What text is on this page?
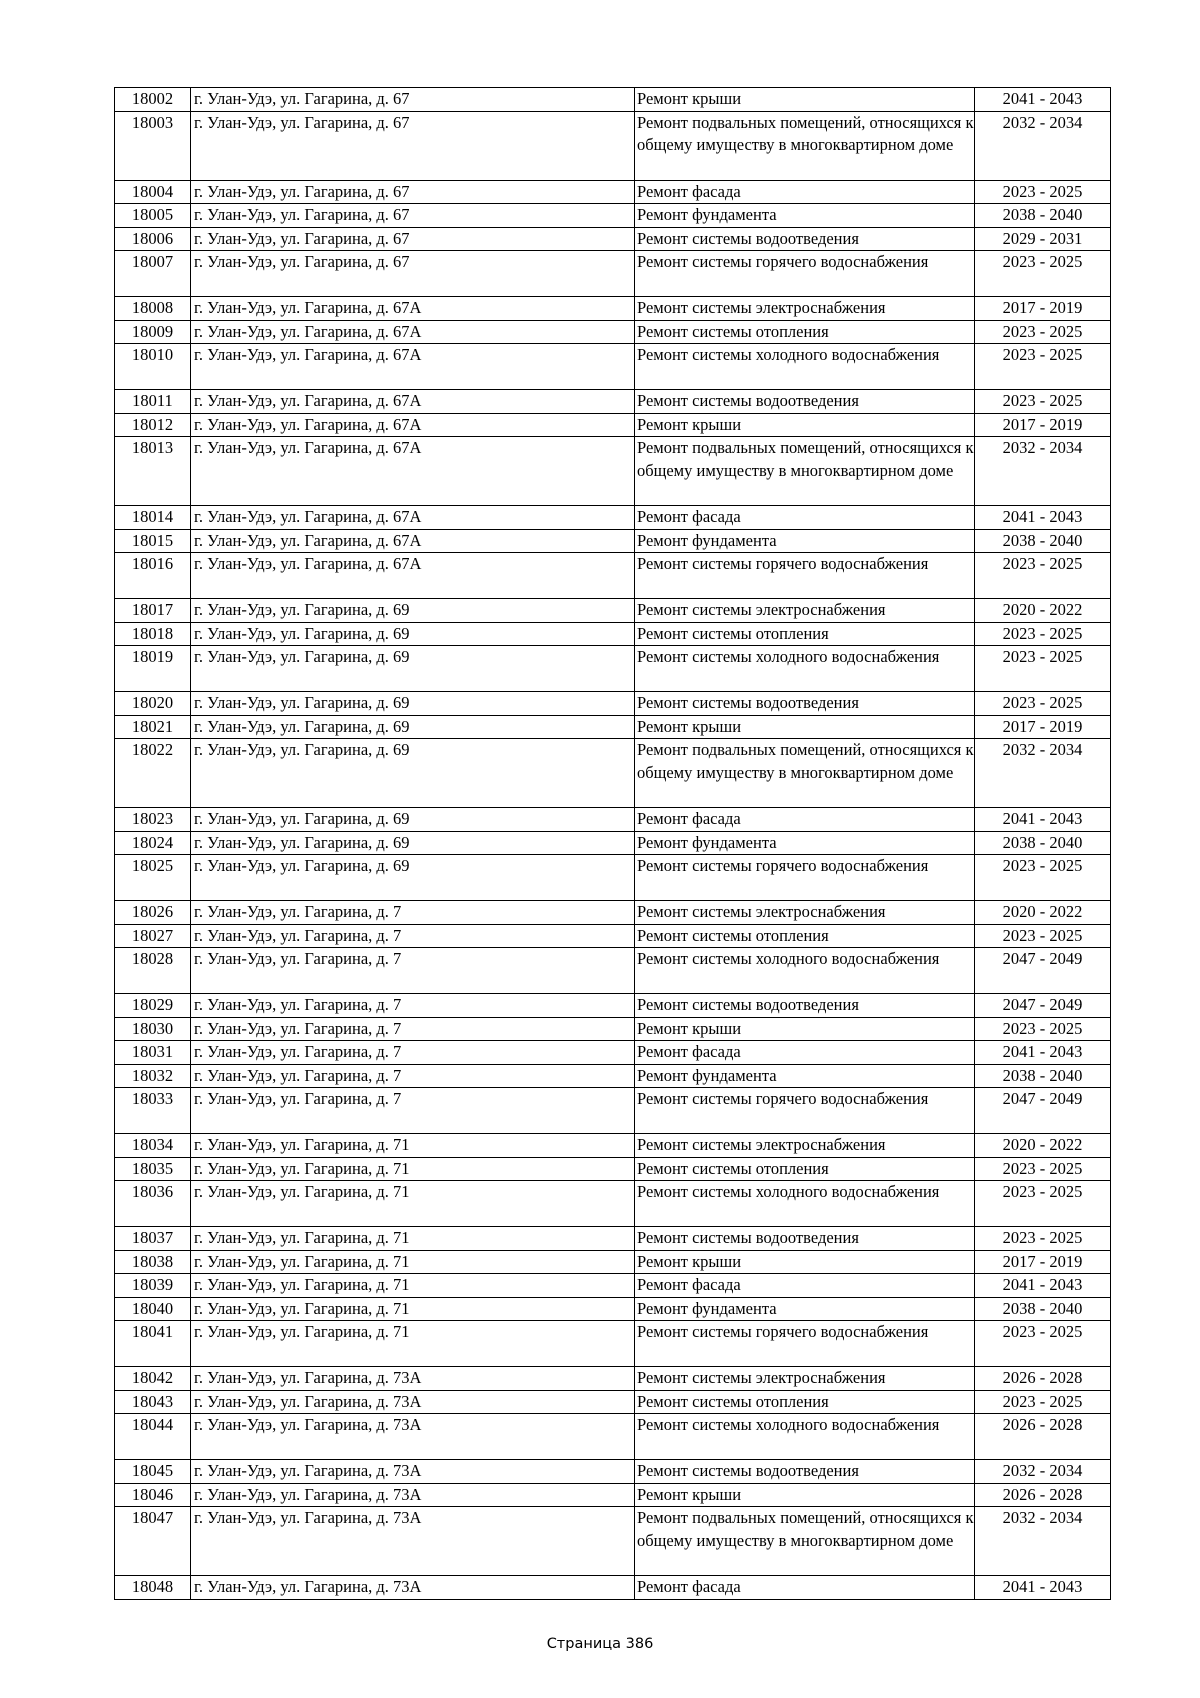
18002	г. Улан-Удэ, ул. Гагарина, д. 67	Ремонт крыши	2041 - 2043
18003	г. Улан-Удэ, ул. Гагарина, д. 67	Ремонт подвальных помещений, относящихся к общему имуществу в многоквартирном доме	2032 - 2034
18004	г. Улан-Удэ, ул. Гагарина, д. 67	Ремонт фасада	2023 - 2025
18005	г. Улан-Удэ, ул. Гагарина, д. 67	Ремонт фундамента	2038 - 2040
18006	г. Улан-Удэ, ул. Гагарина, д. 67	Ремонт системы водоотведения	2029 - 2031
18007	г. Улан-Удэ, ул. Гагарина, д. 67	Ремонт системы горячего водоснабжения	2023 - 2025
18008	г. Улан-Удэ, ул. Гагарина, д. 67А	Ремонт системы электроснабжения	2017 - 2019
18009	г. Улан-Удэ, ул. Гагарина, д. 67А	Ремонт системы отопления	2023 - 2025
18010	г. Улан-Удэ, ул. Гагарина, д. 67А	Ремонт системы холодного водоснабжения	2023 - 2025
18011	г. Улан-Удэ, ул. Гагарина, д. 67А	Ремонт системы водоотведения	2023 - 2025
18012	г. Улан-Удэ, ул. Гагарина, д. 67А	Ремонт крыши	2017 - 2019
18013	г. Улан-Удэ, ул. Гагарина, д. 67А	Ремонт подвальных помещений, относящихся к общему имуществу в многоквартирном доме	2032 - 2034
18014	г. Улан-Удэ, ул. Гагарина, д. 67А	Ремонт фасада	2041 - 2043
18015	г. Улан-Удэ, ул. Гагарина, д. 67А	Ремонт фундамента	2038 - 2040
18016	г. Улан-Удэ, ул. Гагарина, д. 67А	Ремонт системы горячего водоснабжения	2023 - 2025
18017	г. Улан-Удэ, ул. Гагарина, д. 69	Ремонт системы электроснабжения	2020 - 2022
18018	г. Улан-Удэ, ул. Гагарина, д. 69	Ремонт системы отопления	2023 - 2025
18019	г. Улан-Удэ, ул. Гагарина, д. 69	Ремонт системы холодного водоснабжения	2023 - 2025
18020	г. Улан-Удэ, ул. Гагарина, д. 69	Ремонт системы водоотведения	2023 - 2025
18021	г. Улан-Удэ, ул. Гагарина, д. 69	Ремонт крыши	2017 - 2019
18022	г. Улан-Удэ, ул. Гагарина, д. 69	Ремонт подвальных помещений, относящихся к общему имуществу в многоквартирном доме	2032 - 2034
18023	г. Улан-Удэ, ул. Гагарина, д. 69	Ремонт фасада	2041 - 2043
18024	г. Улан-Удэ, ул. Гагарина, д. 69	Ремонт фундамента	2038 - 2040
18025	г. Улан-Удэ, ул. Гагарина, д. 69	Ремонт системы горячего водоснабжения	2023 - 2025
18026	г. Улан-Удэ, ул. Гагарина, д. 7	Ремонт системы электроснабжения	2020 - 2022
18027	г. Улан-Удэ, ул. Гагарина, д. 7	Ремонт системы отопления	2023 - 2025
18028	г. Улан-Удэ, ул. Гагарина, д. 7	Ремонт системы холодного водоснабжения	2047 - 2049
18029	г. Улан-Удэ, ул. Гагарина, д. 7	Ремонт системы водоотведения	2047 - 2049
18030	г. Улан-Удэ, ул. Гагарина, д. 7	Ремонт крыши	2023 - 2025
18031	г. Улан-Удэ, ул. Гагарина, д. 7	Ремонт фасада	2041 - 2043
18032	г. Улан-Удэ, ул. Гагарина, д. 7	Ремонт фундамента	2038 - 2040
18033	г. Улан-Удэ, ул. Гагарина, д. 7	Ремонт системы горячего водоснабжения	2047 - 2049
18034	г. Улан-Удэ, ул. Гагарина, д. 71	Ремонт системы электроснабжения	2020 - 2022
18035	г. Улан-Удэ, ул. Гагарина, д. 71	Ремонт системы отопления	2023 - 2025
18036	г. Улан-Удэ, ул. Гагарина, д. 71	Ремонт системы холодного водоснабжения	2023 - 2025
18037	г. Улан-Удэ, ул. Гагарина, д. 71	Ремонт системы водоотведения	2023 - 2025
18038	г. Улан-Удэ, ул. Гагарина, д. 71	Ремонт крыши	2017 - 2019
18039	г. Улан-Удэ, ул. Гагарина, д. 71	Ремонт фасада	2041 - 2043
18040	г. Улан-Удэ, ул. Гагарина, д. 71	Ремонт фундамента	2038 - 2040
18041	г. Улан-Удэ, ул. Гагарина, д. 71	Ремонт системы горячего водоснабжения	2023 - 2025
18042	г. Улан-Удэ, ул. Гагарина, д. 73А	Ремонт системы электроснабжения	2026 - 2028
18043	г. Улан-Удэ, ул. Гагарина, д. 73А	Ремонт системы отопления	2023 - 2025
18044	г. Улан-Удэ, ул. Гагарина, д. 73А	Ремонт системы холодного водоснабжения	2026 - 2028
18045	г. Улан-Удэ, ул. Гагарина, д. 73А	Ремонт системы водоотведения	2032 - 2034
18046	г. Улан-Удэ, ул. Гагарина, д. 73А	Ремонт крыши	2026 - 2028
18047	г. Улан-Удэ, ул. Гагарина, д. 73А	Ремонт подвальных помещений, относящихся к общему имуществу в многоквартирном доме	2032 - 2034
18048	г. Улан-Удэ, ул. Гагарина, д. 73А	Ремонт фасада	2041 - 2043
Страница 386
